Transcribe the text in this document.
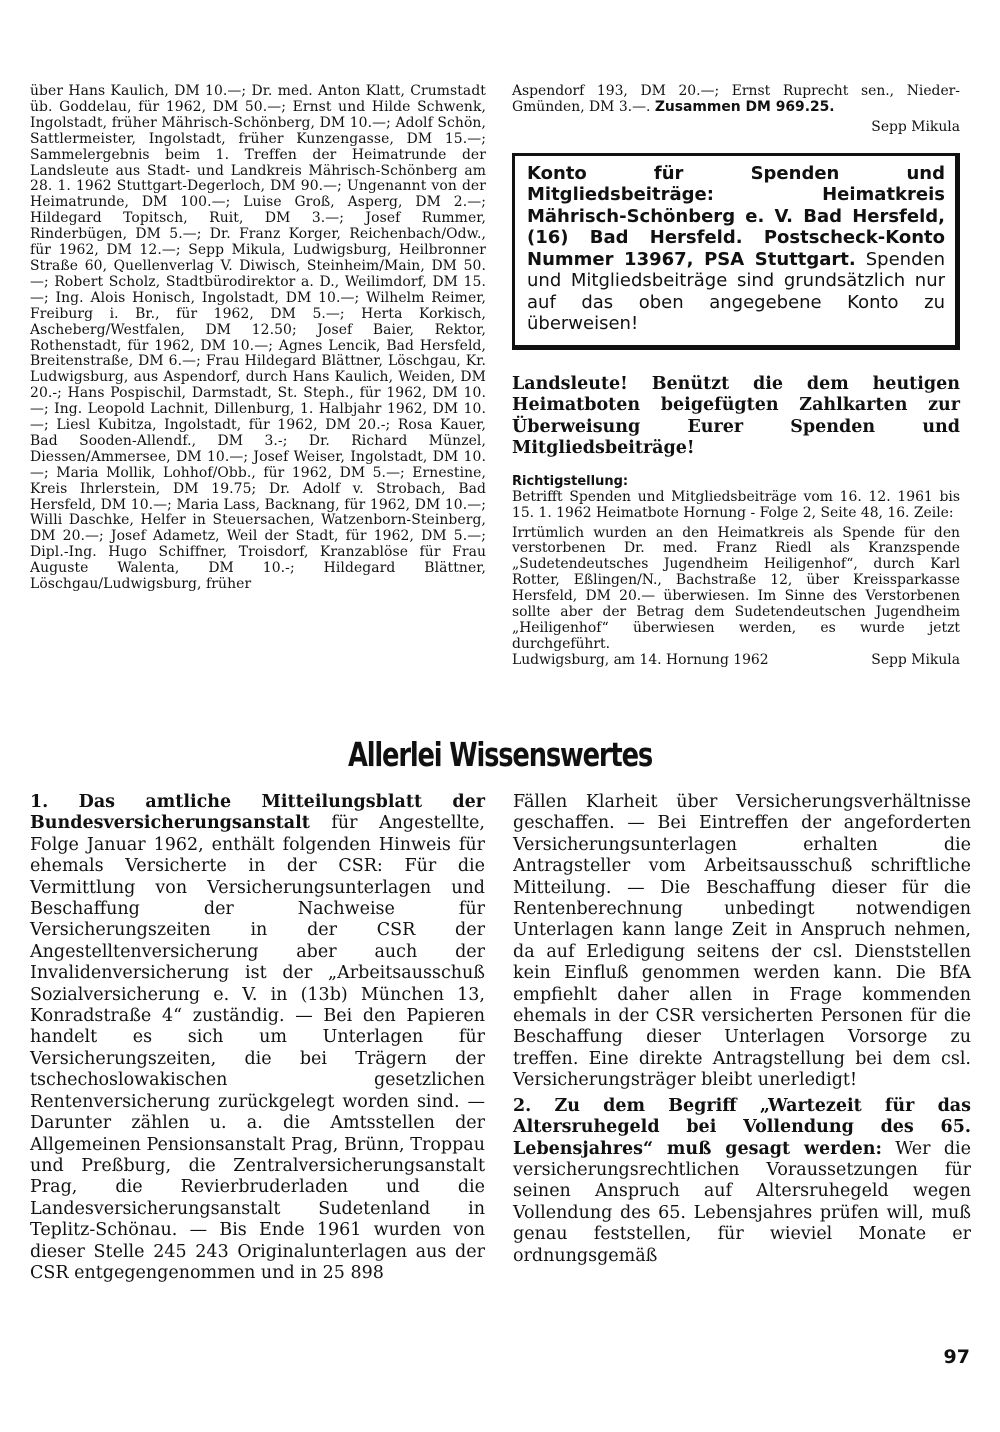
über Hans Kaulich, DM 10.—; Dr. med. Anton Klatt, Crumstadt üb. Goddelau, für 1962, DM 50.—; Ernst und Hilde Schwenk, Ingolstadt, früher Mährisch-Schönberg, DM 10.—; Adolf Schön, Sattlermeister, Ingolstadt, früher Kunzengasse, DM 15.—; Sammelergebnis beim 1. Treffen der Heimatrunde der Landsleute aus Stadt- und Landkreis Mährisch-Schönberg am 28. 1. 1962 Stuttgart-Degerloch, DM 90.—; Ungenannt von der Heimatrunde, DM 100.—; Luise Groß, Asperg, DM 2.—; Hildegard Topitsch, Ruit, DM 3.—; Josef Rummer, Rinderbügen, DM 5.—; Dr. Franz Korger, Reichenbach/Odw., für 1962, DM 12.—; Sepp Mikula, Ludwigsburg, Heilbronner Straße 60, Quellenverlag V. Diwisch, Steinheim/Main, DM 50.—; Robert Scholz, Stadtbürodirektor a. D., Weilimdorf, DM 15.—; Ing. Alois Honisch, Ingolstadt, DM 10.—; Wilhelm Reimer, Freiburg i. Br., für 1962, DM 5.—; Herta Korkisch, Ascheberg/Westfalen, DM 12.50; Josef Baier, Rektor, Rothenstadt, für 1962, DM 10.—; Agnes Lencik, Bad Hersfeld, Breitenstraße, DM 6.—; Frau Hildegard Blättner, Löschgau, Kr. Ludwigsburg, aus Aspendorf, durch Hans Kaulich, Weiden, DM 20.-; Hans Pospischil, Darmstadt, St. Steph., für 1962, DM 10.—; Ing. Leopold Lachnit, Dillenburg, 1. Halbjahr 1962, DM 10.—; Liesl Kubitza, Ingolstadt, für 1962, DM 20.-; Rosa Kauer, Bad Sooden-Allendf., DM 3.-; Dr. Richard Münzel, Diessen/Ammersee, DM 10.—; Josef Weiser, Ingolstadt, DM 10.—; Maria Mollik, Lohhof/Obb., für 1962, DM 5.—; Ernestine, Kreis Ihrlerstein, DM 19.75; Dr. Adolf v. Strobach, Bad Hersfeld, DM 10.—; Maria Lass, Backnang, für 1962, DM 10.—; Willi Daschke, Helfer in Steuersachen, Watzenborn-Steinberg, DM 20.—; Josef Adametz, Weil der Stadt, für 1962, DM 5.—; Dipl.-Ing. Hugo Schiffner, Troisdorf, Kranzablöse für Frau Auguste Walenta, DM 10.-; Hildegard Blättner, Löschgau/Ludwigsburg, früher

Aspendorf 193, DM 20.—; Ernst Ruprecht sen., Nieder-Gmünden, DM 3.—. Zusammen DM 969.25.

Sepp Mikula

Konto für Spenden und Mitgliedsbeiträge: Heimatkreis Mährisch-Schönberg e. V. Bad Hersfeld, (16) Bad Hersfeld. Postscheck-Konto Nummer 13967, PSA Stuttgart. Spenden und Mitgliedsbeiträge sind grundsätzlich nur auf das oben angegebene Konto zu überweisen!
Landsleute! Benützt die dem heutigen Heimatboten beigefügten Zahlkarten zur Überweisung Eurer Spenden und Mitgliedsbeiträge!
Richtigstellung:

Betrifft Spenden und Mitgliedsbeiträge vom 16. 12. 1961 bis 15. 1. 1962 Heimatbote Hornung - Folge 2, Seite 48, 16. Zeile:

Irrtümlich wurden an den Heimatkreis als Spende für den verstorbenen Dr. med. Franz Riedl als Kranzspende „Sudetendeutsches Jugendheim Heiligenhof“, durch Karl Rotter, Eßlingen/N., Bachstraße 12, über Kreissparkasse Hersfeld, DM 20.— überwiesen. Im Sinne des Verstorbenen sollte aber der Betrag dem Sudetendeutschen Jugendheim „Heiligenhof“ überwiesen werden, es wurde jetzt durchgeführt.

Ludwigsburg, am 14. Hornung 1962	Sepp Mikula
Allerlei Wissenswertes

1. Das amtliche Mitteilungsblatt der Bundesversicherungsanstalt für Angestellte, Folge Januar 1962, enthält folgenden Hinweis für ehemals Versicherte in der CSR: Für die Vermittlung von Versicherungsunterlagen und Beschaffung der Nachweise für Versicherungszeiten in der CSR der Angestelltenversicherung aber auch der Invalidenversicherung ist der „Arbeitsausschuß Sozialversicherung e. V. in (13b) München 13, Konradstraße 4“ zuständig. — Bei den Papieren handelt es sich um Unterlagen für Versicherungszeiten, die bei Trägern der tschechoslowakischen gesetzlichen Rentenversicherung zurückgelegt worden sind. — Darunter zählen u. a. die Amtsstellen der Allgemeinen Pensionsanstalt Prag, Brünn, Troppau und Preßburg, die Zentralversicherungsanstalt Prag, die Revierbruderladen und die Landesversicherungsanstalt Sudetenland in Teplitz-Schönau. — Bis Ende 1961 wurden von dieser Stelle 245 243 Originalunterlagen aus der CSR entgegengenommen und in 25 898

Fällen Klarheit über Versicherungsverhältnisse geschaffen. — Bei Eintreffen der angeforderten Versicherungsunterlagen erhalten die Antragsteller vom Arbeitsausschuß schriftliche Mitteilung. — Die Beschaffung dieser für die Rentenberechnung unbedingt notwendigen Unterlagen kann lange Zeit in Anspruch nehmen, da auf Erledigung seitens der csl. Dienststellen kein Einfluß genommen werden kann. Die BfA empfiehlt daher allen in Frage kommenden ehemals in der CSR versicherten Personen für die Beschaffung dieser Unterlagen Vorsorge zu treffen. Eine direkte Antragstellung bei dem csl. Versicherungsträger bleibt unerledigt!

2. Zu dem Begriff „Wartezeit für das Altersruhegeld bei Vollendung des 65. Lebensjahres“ muß gesagt werden: Wer die versicherungsrechtlichen Voraussetzungen für seinen Anspruch auf Altersruhegeld wegen Vollendung des 65. Lebensjahres prüfen will, muß genau feststellen, für wieviel Monate er ordnungsgemäß

97
